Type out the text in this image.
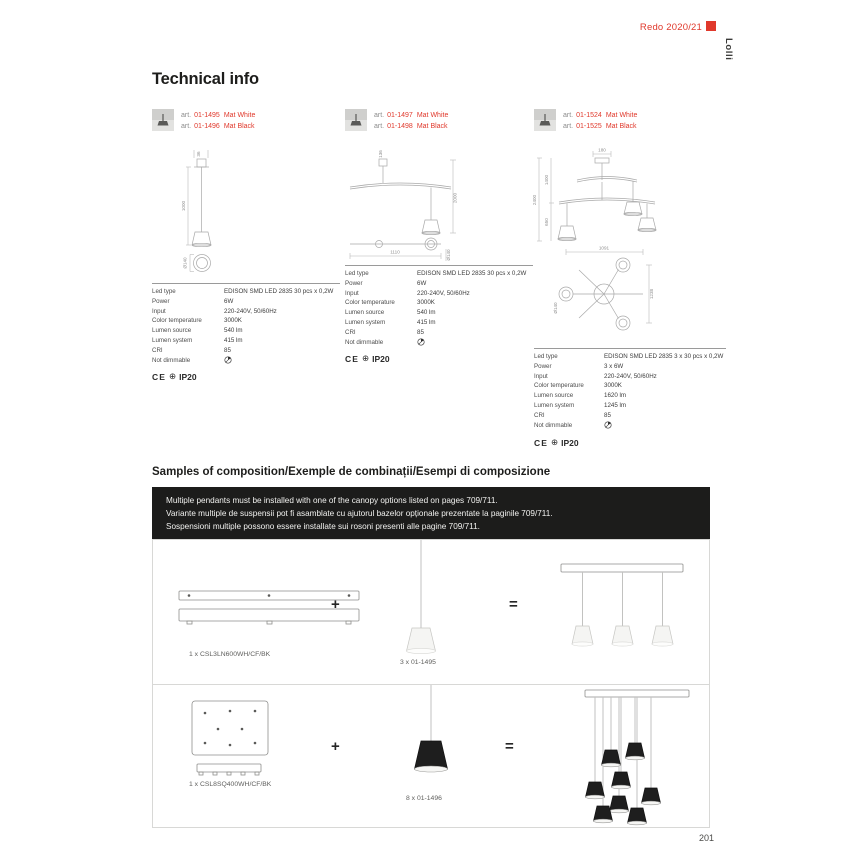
Redo 2020/21
Lolli
Technical info
art. 01-1495 Mat White
art. 01-1496 Mat Black
36
1000
Ø140
Led type	EDISON SMD LED 2835 30 pcs x 0,2W
Power	6W
Input	220-240V, 50/60Hz
Color temperature	3000K
Lumen source	540 lm
Lumen system	415 lm
CRI	85
Not dimmable
CE ⊕ IP20
art. 01-1497 Mat White
art. 01-1498 Mat Black
136
2000
1110	Ø140
Led type	EDISON SMD LED 2835 30 pcs x 0,2W
Power	6W
Input	220-240V, 50/60Hz
Color temperature	3000K
Lumen source	540 lm
Lumen system	415 lm
CRI	85
Not dimmable
CE ⊕ IP20
art. 01-1524 Mat White
art. 01-1525 Mat Black
180
2400
1400
650
1091
1238
Ø140
Led type	EDISON SMD LED 2835 3 x 30 pcs x 0,2W
Power	3 x 6W
Input	220-240V, 50/60Hz
Color temperature	3000K
Lumen source	1620 lm
Lumen system	1245 lm
CRI	85
Not dimmable
CE ⊕ IP20
Samples of composition/Exemple de combinații/Esempi di composizione
Multiple pendants must be installed with one of the canopy options listed on pages 709/711.
Variante multiple de suspensii pot fi asamblate cu ajutorul bazelor opționale prezentate la paginile 709/711.
Sospensioni multiple possono essere installate sui rosoni presenti alle pagine 709/711.
1 x CSL3LN600WH/CF/BK
+
3 x 01-1495
=
1 x CSL8SQ400WH/CF/BK
+
8 x 01-1496
=
201
